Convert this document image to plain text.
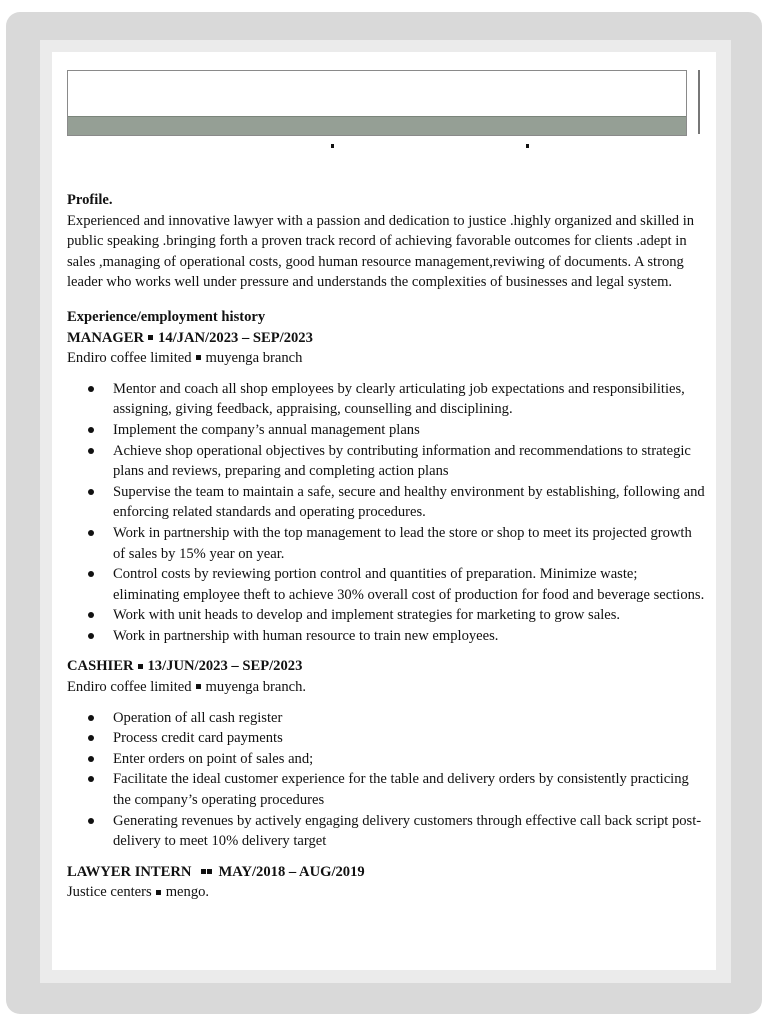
Profile.

Experienced and innovative lawyer with a passion and dedication to justice .highly organized and skilled in public speaking .bringing forth a proven track record of achieving favorable outcomes for clients .adept in sales ,managing of operational costs, good human resource management,reviwing of documents. A strong leader who works well under pressure and understands the complexities of businesses and legal system.

Experience/employment history
MANAGER 14/JAN/2023 – SEP/2023
Endiro coffee limited muyenga branch
Mentor and coach all shop employees by clearly articulating job expectations and responsibilities, assigning, giving feedback, appraising, counselling and disciplining.
Implement the company’s annual management plans
Achieve shop operational objectives by contributing information and recommendations to strategic plans and reviews, preparing and completing action plans
Supervise the team to maintain a safe, secure and healthy environment by establishing, following and enforcing related standards and operating procedures.
Work in partnership with the top management to lead the store or shop to meet its projected growth of sales by 15% year on year.
Control costs by reviewing portion control and quantities of preparation. Minimize waste; eliminating employee theft to achieve 30% overall cost of production for food and beverage sections.
Work with unit heads to develop and implement strategies for marketing to grow sales.
Work in partnership with human resource to train new employees.
CASHIER 13/JUN/2023 – SEP/2023
Endiro coffee limited muyenga branch.
Operation of all cash register
Process credit card payments
Enter orders on point of sales and;
Facilitate the ideal customer experience for the table and delivery orders by consistently practicing the company’s operating procedures
Generating revenues by actively engaging delivery customers through effective call back script post-delivery to meet 10% delivery target
LAWYER INTERN MAY/2018 – AUG/2019
Justice centers mengo.
